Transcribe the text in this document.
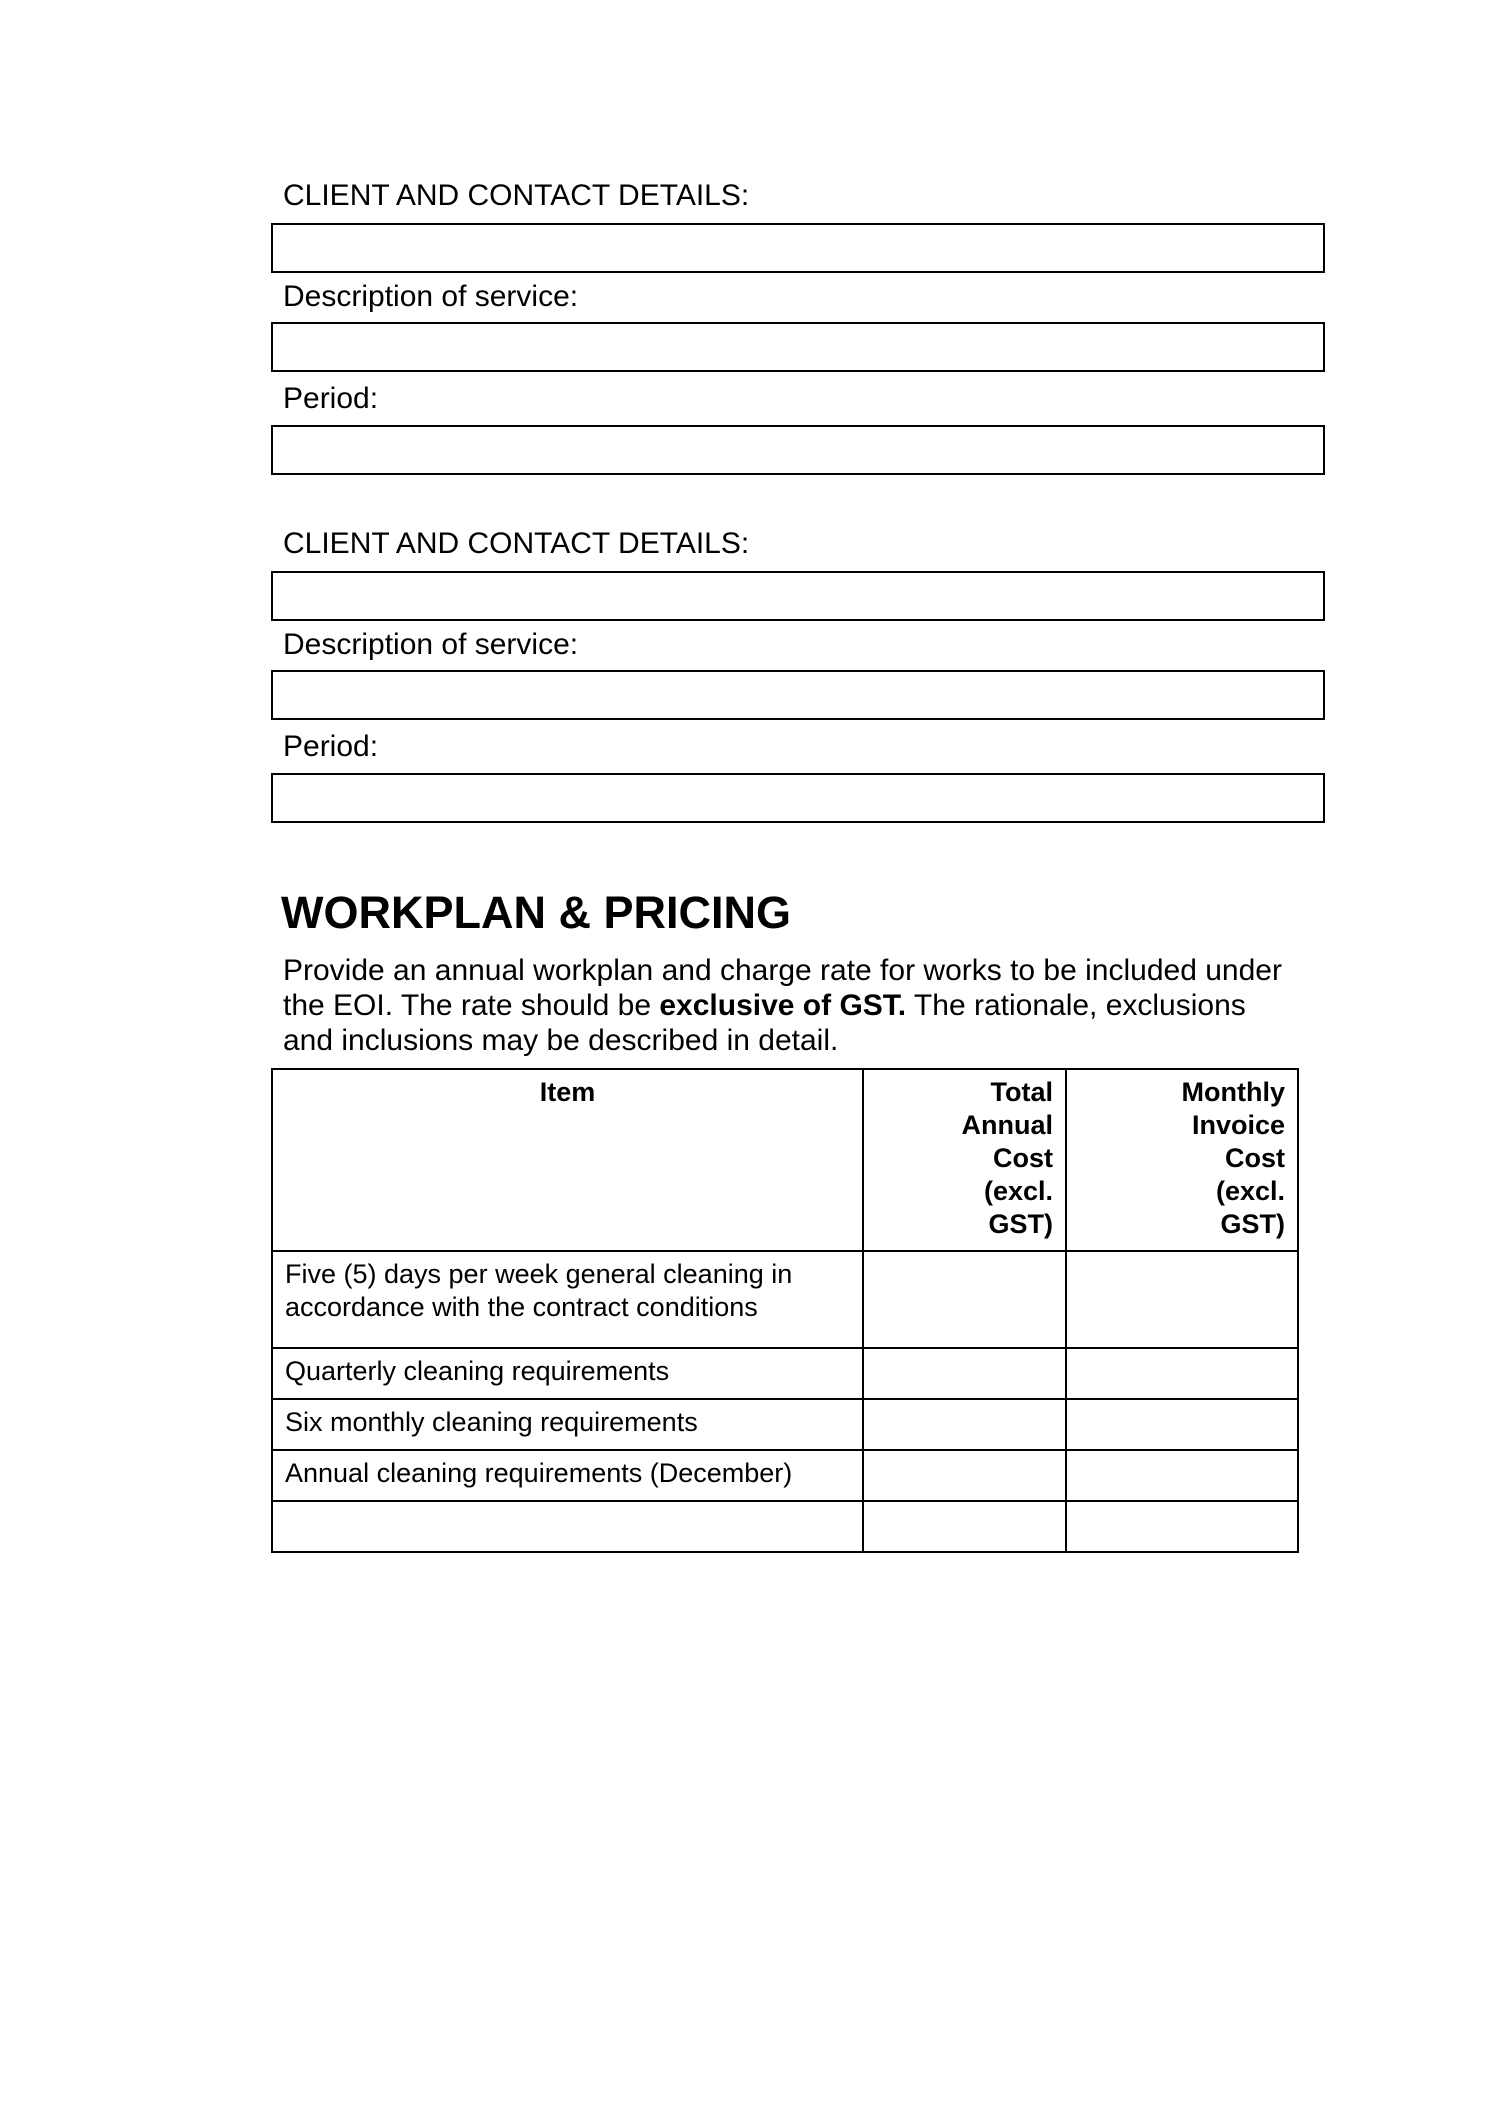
CLIENT AND CONTACT DETAILS:
Description of service:
Period:
CLIENT AND CONTACT DETAILS:
Description of service:
Period:
WORKPLAN & PRICING
Provide an annual workplan and charge rate for works to be included under the EOI. The rate should be exclusive of GST. The rationale, exclusions and inclusions may be described in detail.
Item	Total Annual Cost (excl. GST)	Monthly Invoice Cost (excl. GST)
Five (5) days per week general cleaning in accordance with the contract conditions		
Quarterly cleaning requirements		
Six monthly cleaning requirements		
Annual cleaning requirements (December)		
